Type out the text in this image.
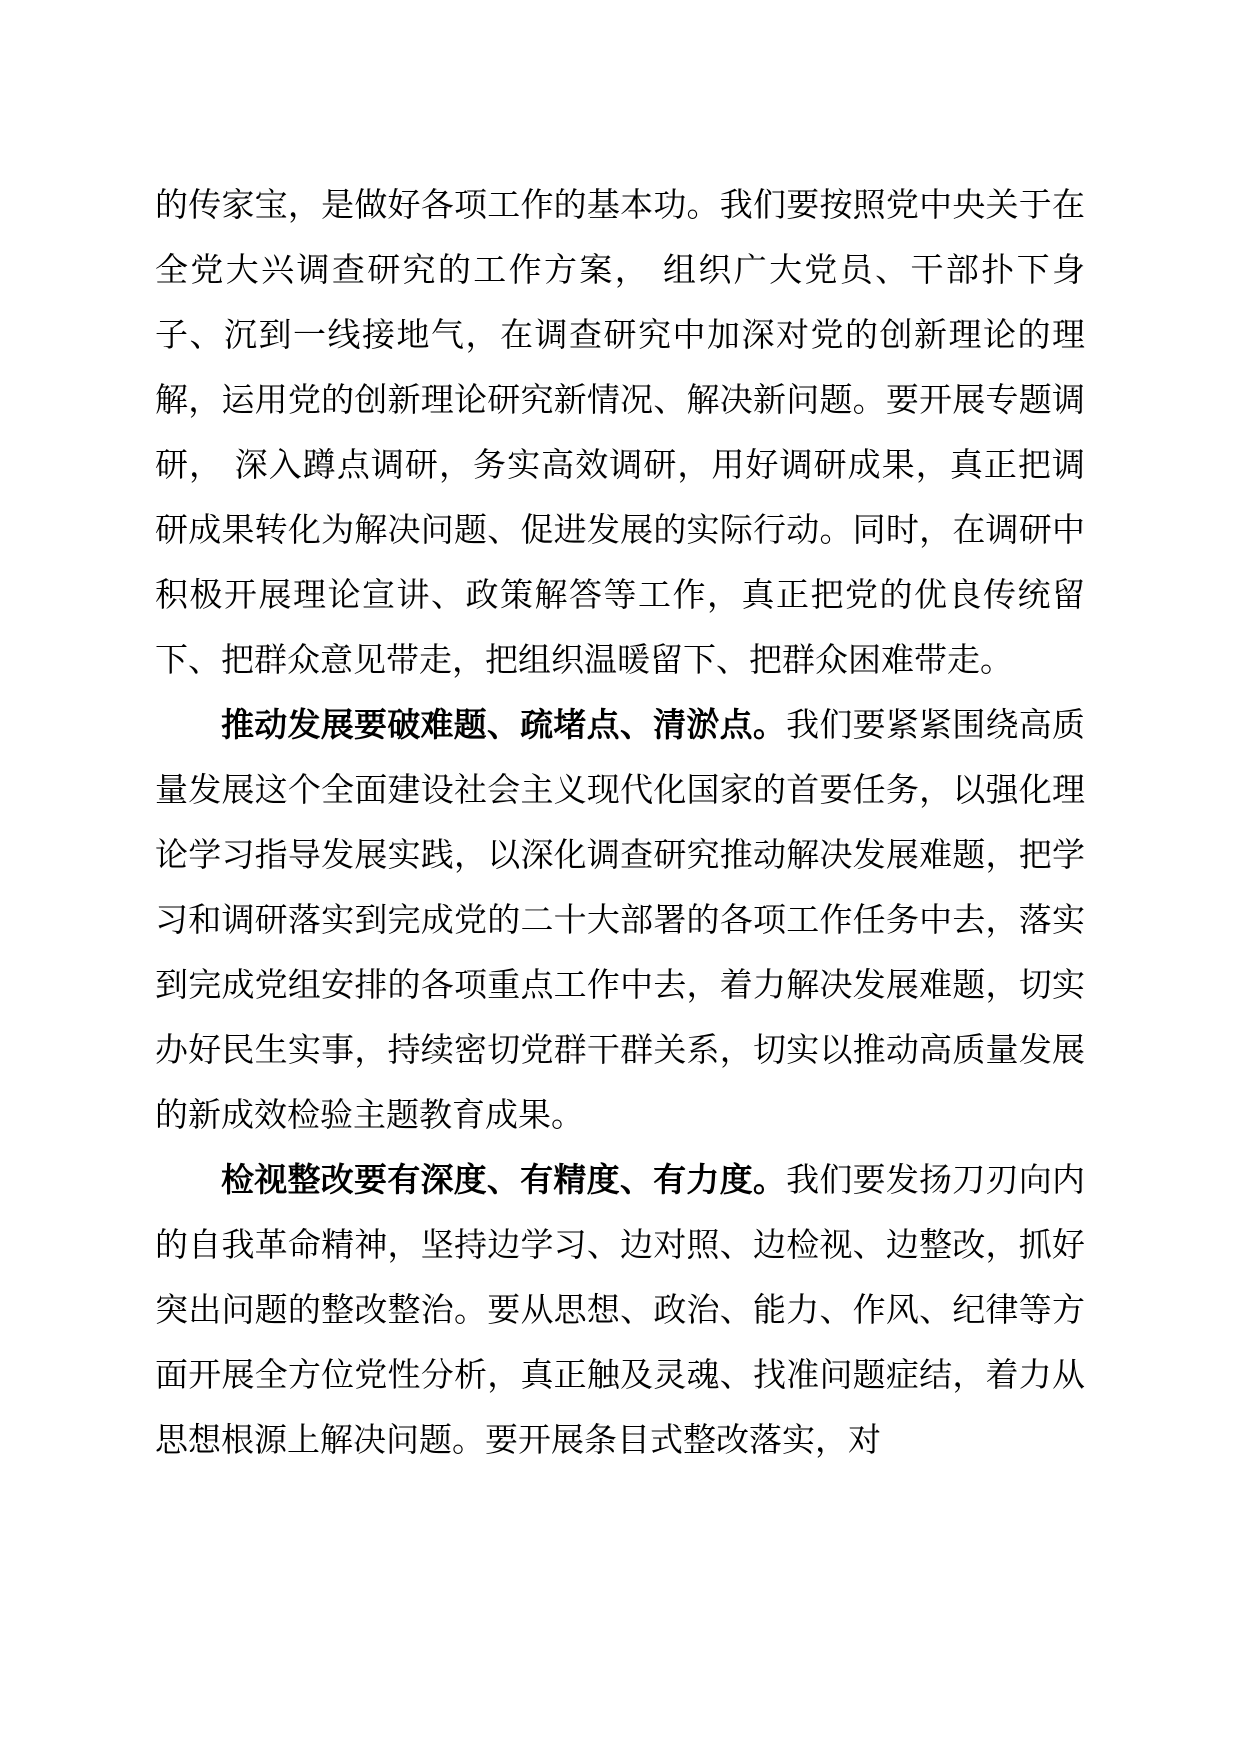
的传家宝，是做好各项工作的基本功。我们要按照党中央关于在全党大兴调查研究的工作方案， 组织广大党员、干部扑下身子、沉到一线接地气，在调查研究中加深对党的创新理论的理解，运用党的创新理论研究新情况、解决新问题。要开展专题调研， 深入蹲点调研，务实高效调研，用好调研成果，真正把调研成果转化为解决问题、促进发展的实际行动。同时，在调研中积极开展理论宣讲、政策解答等工作，真正把党的优良传统留下、把群众意见带走，把组织温暖留下、把群众困难带走。

推动发展要破难题、疏堵点、清淤点。我们要紧紧围绕高质量发展这个全面建设社会主义现代化国家的首要任务，以强化理论学习指导发展实践，以深化调查研究推动解决发展难题，把学习和调研落实到完成党的二十大部署的各项工作任务中去，落实到完成党组安排的各项重点工作中去，着力解决发展难题，切实办好民生实事，持续密切党群干群关系，切实以推动高质量发展的新成效检验主题教育成果。

检视整改要有深度、有精度、有力度。我们要发扬刀刃向内的自我革命精神，坚持边学习、边对照、边检视、边整改，抓好突出问题的整改整治。要从思想、政治、能力、作风、纪律等方面开展全方位党性分析，真正触及灵魂、找准问题症结，着力从思想根源上解决问题。要开展条目式整改落实，对
